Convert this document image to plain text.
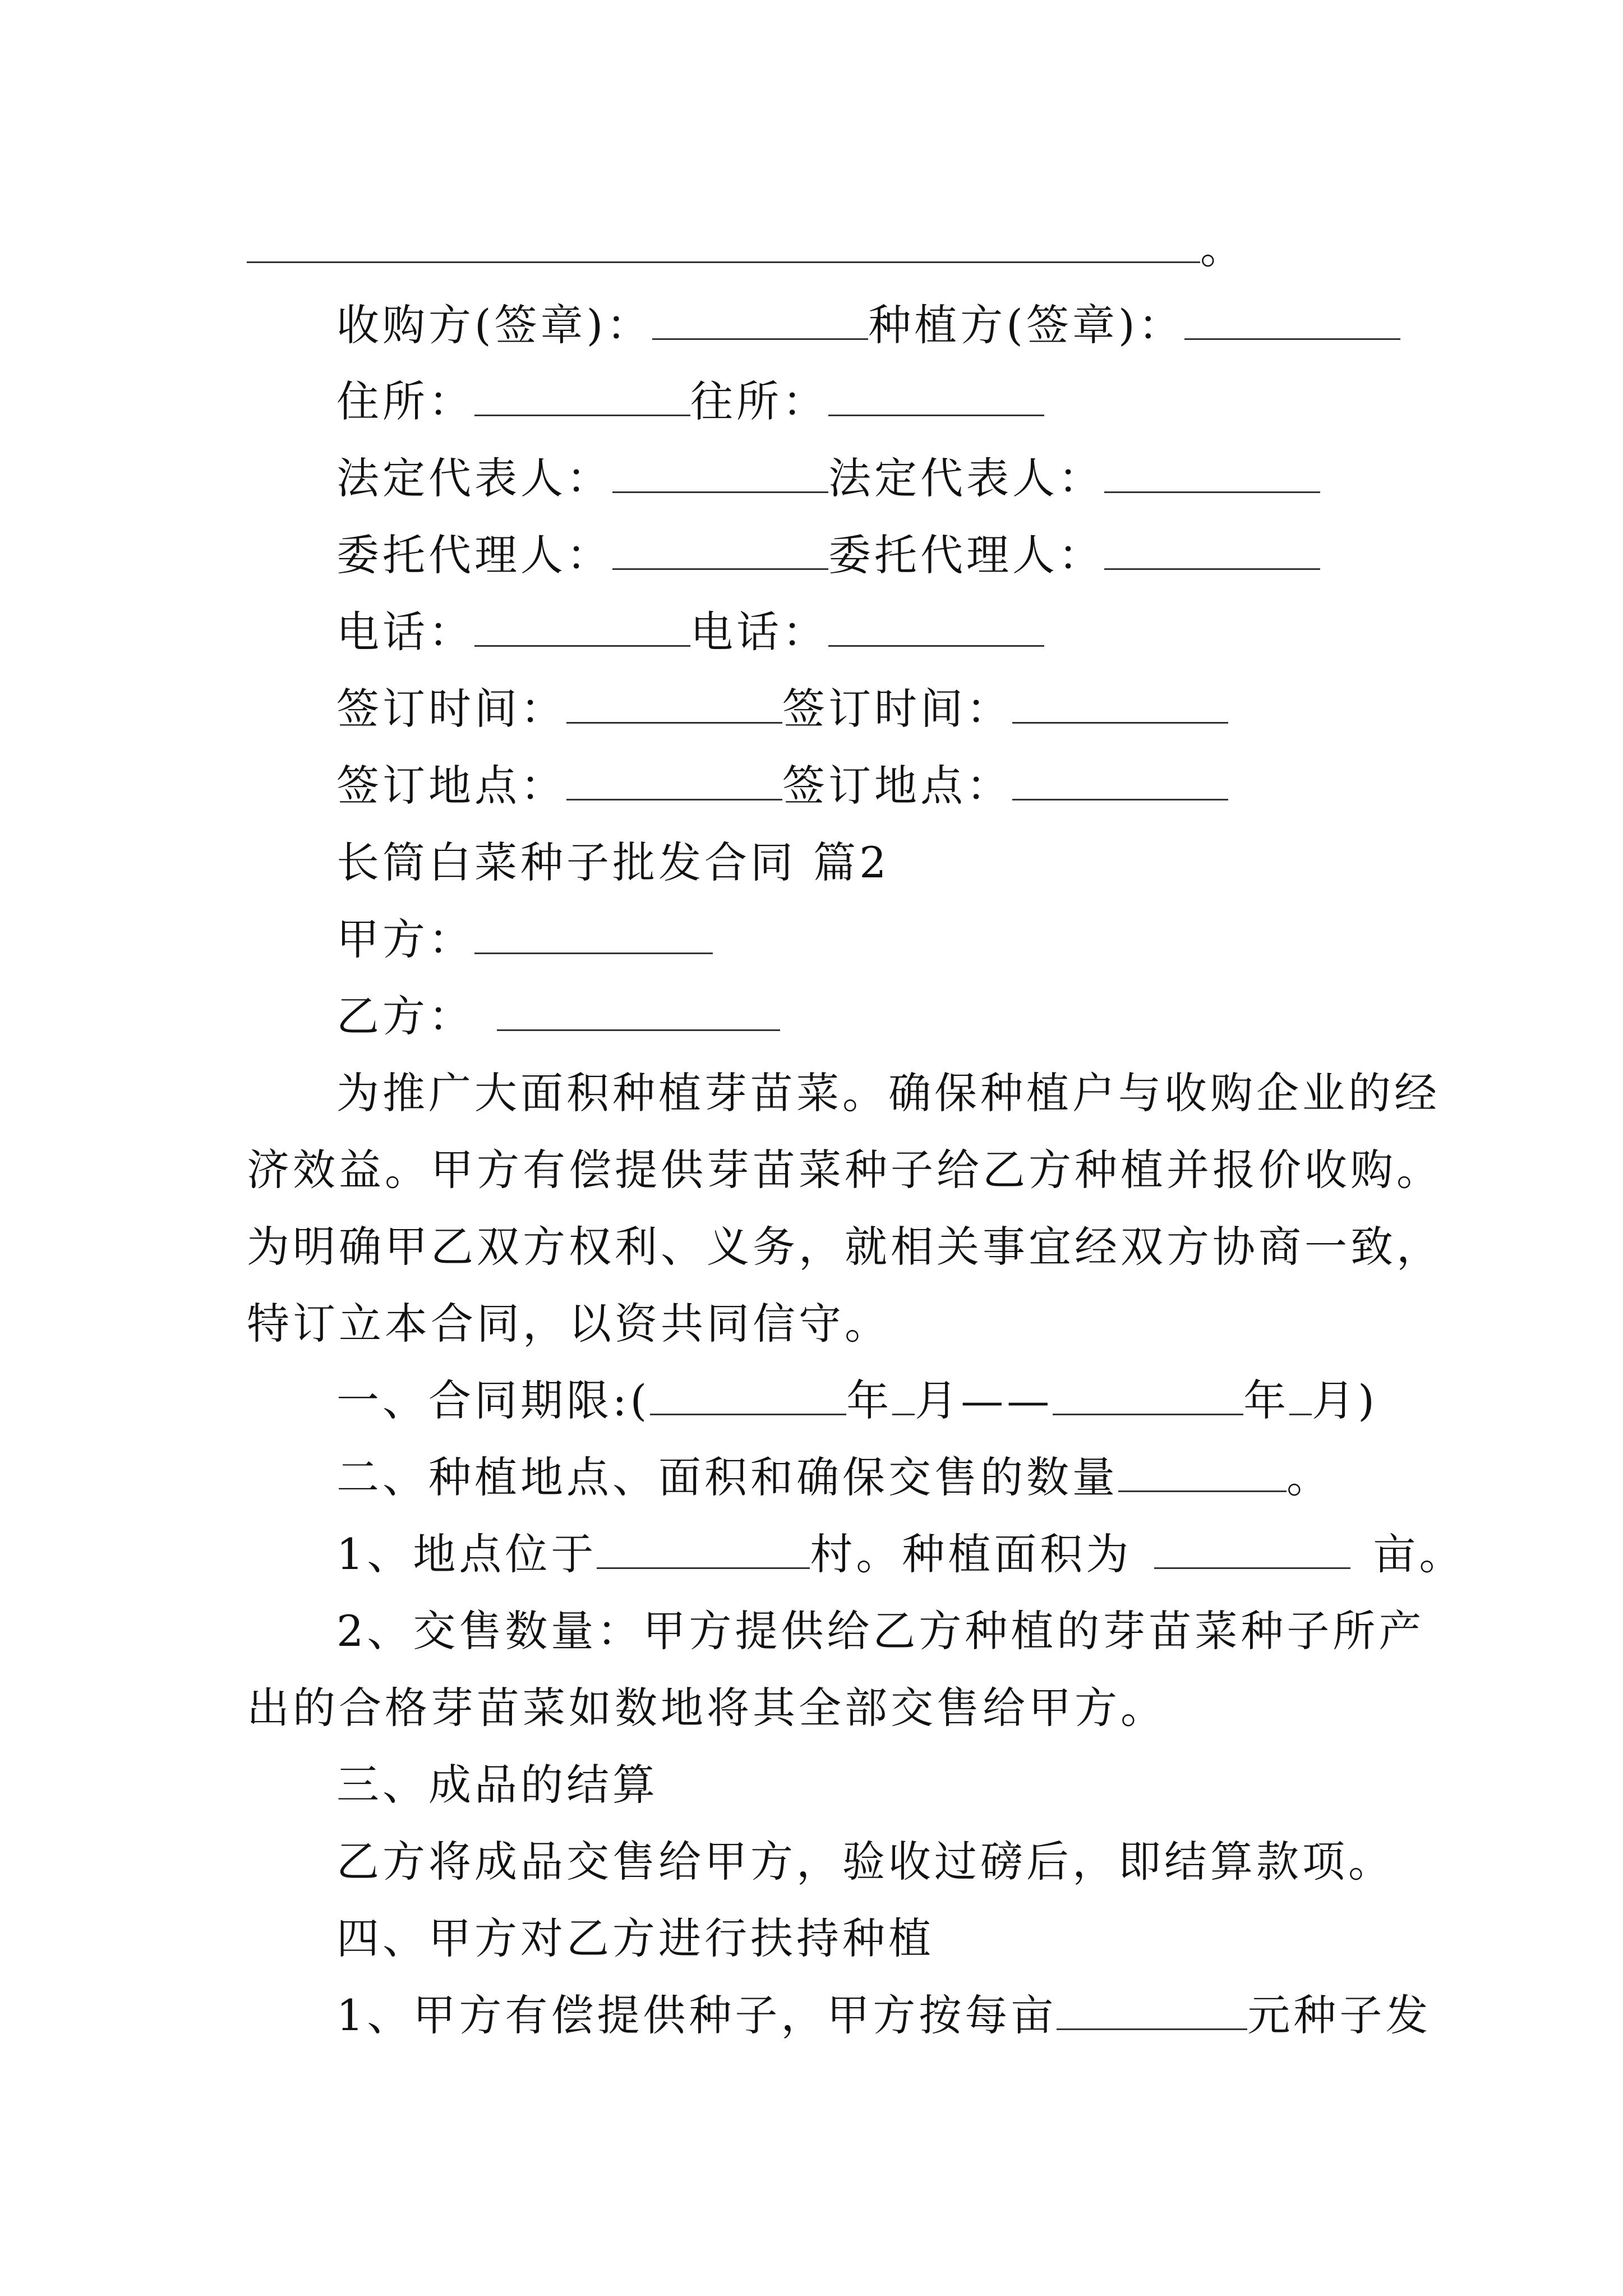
。
收购方(签章)：	种植方(签章)：
住所：	往所：
法定代表人：	法定代表人：
委托代理人：	委托代理人：
电话：	电话：
签订时间：	签订时间：
签订地点：	签订地点：
长筒白菜种子批发合同 篇2
甲方：
乙方：
为推广大面积种植芽苗菜。确保种植户与收购企业的经
济效益。甲方有偿提供芽苗菜种子给乙方种植并报价收购。
为明确甲乙双方权利、义务，就相关事宜经双方协商一致，
特订立本合同，以资共同信守。
一、合同期限:(	年 月——	年 月)
二、种植地点、面积和确保交售的数量	。
1、地点位于	村。种植面积为	亩。
2、交售数量：甲方提供给乙方种植的芽苗菜种子所产
出的合格芽苗菜如数地将其全部交售给甲方。
三、成品的结算
乙方将成品交售给甲方，验收过磅后，即结算款项。
四、甲方对乙方进行扶持种植
1、甲方有偿提供种子，甲方按每亩	元种子发
